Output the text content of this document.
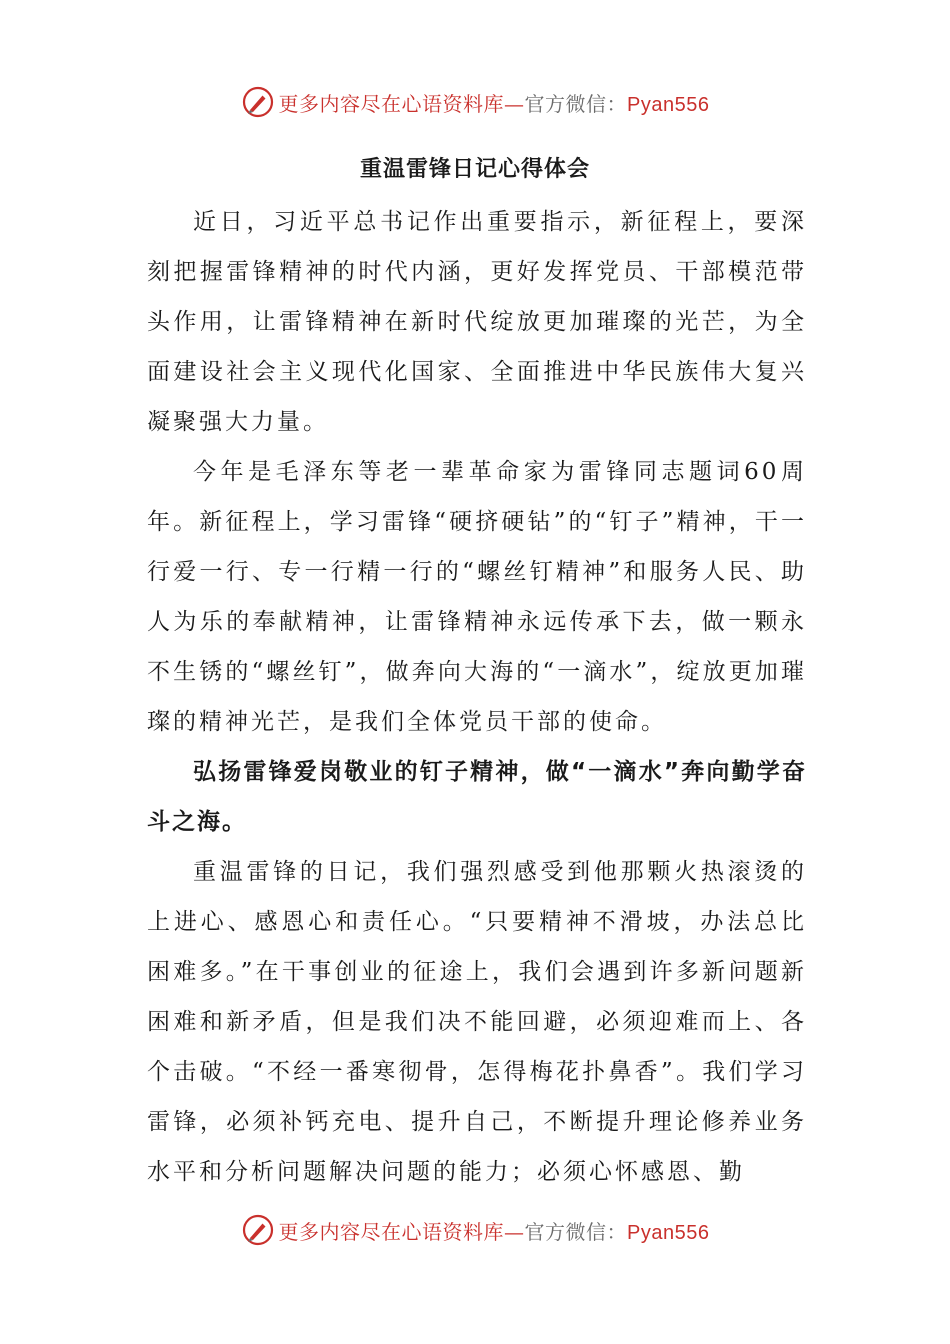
更多内容尽在心语资料库—官方微信：Pyan556
重温雷锋日记心得体会

近日，习近平总书记作出重要指示，新征程上，要深刻把握雷锋精神的时代内涵，更好发挥党员、干部模范带头作用，让雷锋精神在新时代绽放更加璀璨的光芒，为全面建设社会主义现代化国家、全面推进中华民族伟大复兴凝聚强大力量。

今年是毛泽东等老一辈革命家为雷锋同志题词60周年。新征程上，学习雷锋“硬挤硬钻”的“钉子”精神，干一行爱一行、专一行精一行的“螺丝钉精神”和服务人民、助人为乐的奉献精神，让雷锋精神永远传承下去，做一颗永不生锈的“螺丝钉”，做奔向大海的“一滴水”，绽放更加璀璨的精神光芒，是我们全体党员干部的使命。

弘扬雷锋爱岗敬业的钉子精神，做“一滴水”奔向勤学奋斗之海。

重温雷锋的日记，我们强烈感受到他那颗火热滚烫的上进心、感恩心和责任心。“只要精神不滑坡，办法总比困难多。”在干事创业的征途上，我们会遇到许多新问题新困难和新矛盾，但是我们决不能回避，必须迎难而上、各个击破。“不经一番寒彻骨，怎得梅花扑鼻香”。我们学习雷锋，必须补钙充电、提升自己，不断提升理论修养业务水平和分析问题解决问题的能力；必须心怀感恩、勤

更多内容尽在心语资料库—官方微信：Pyan556
